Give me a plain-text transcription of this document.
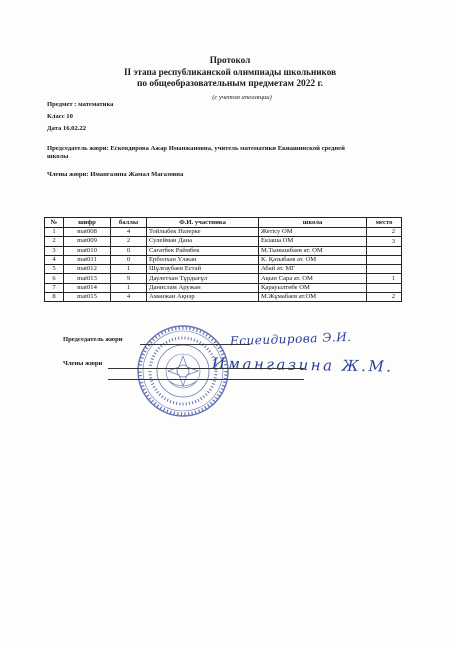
Протокол
II этапа республиканской олимпиады школьников
по общеобразовательным предметам 2022 г.
(с учетом апелляции)
Предмет : математика
Класс 10
Дата 16.02.22
Председатель жюри: Ескендирова Ажар Иманжановна, учитель математики Екиашинской средней школы
Члены жюри: Имангазина Жамал Магазовна
№	шифр	баллы	Ф.И. участника	школа	место
1	mat008	4	Тойлыбек Назерке	Жетісу ОМ	2
2	mat009	2	Сулейман Дана	Екіаша ОМ	3
3	mat010	0	Сағатбек Раймбек	М.Тынышбаев ат. ОМ	
4	mat011	0	Ерболхан Үлжан	К. Қазыбаев ат. ОМ	
5	mat012	1	Шұлғаубаев Естай	Абай ат. МГ	
6	mat013	9	Даулетхан Тұрдығұл	Ақын Сара ат. ОМ	1
7	mat014	1	Данислам Аружан	Қарауылтөбе ОМ	
8	mat015	4	Аманжан Ақнәр	М.Жұмабаев ат.ОМ	2
Есиеидирова Э.И.
Имангазина Ж.М.
Председатель жюри
Члены жюри
